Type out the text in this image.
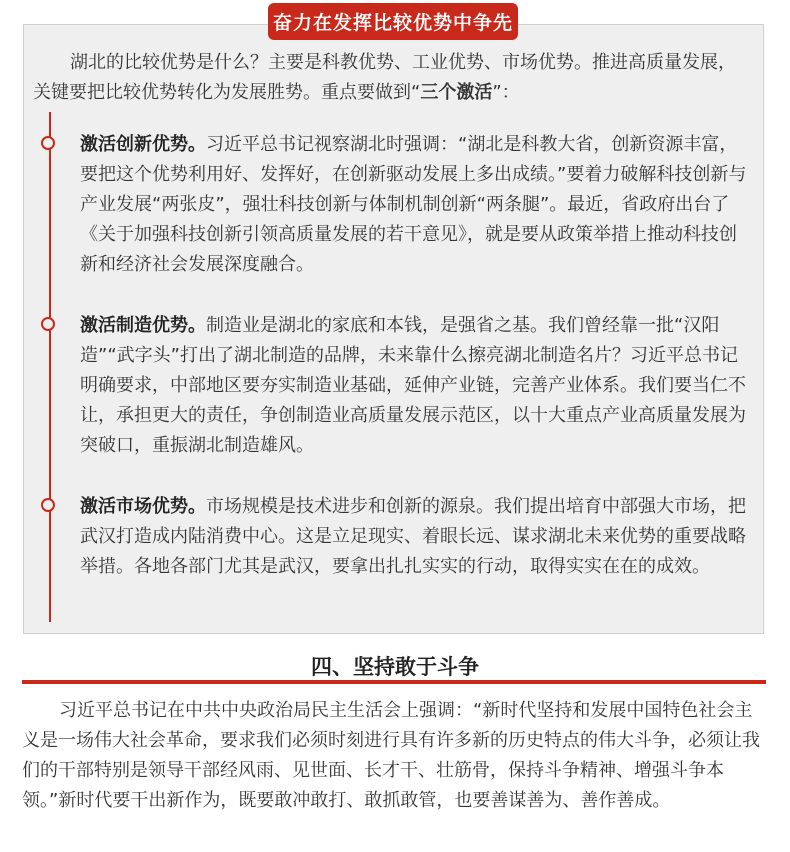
奋力在发挥比较优势中争先

湖北的比较优势是什么？主要是科教优势、工业优势、市场优势。推进高质量发展，关键要把比较优势转化为发展胜势。重点要做到“三个激活”：

激活创新优势。习近平总书记视察湖北时强调：“湖北是科教大省，创新资源丰富，要把这个优势利用好、发挥好，在创新驱动发展上多出成绩。”要着力破解科技创新与产业发展“两张皮”，强壮科技创新与体制机制创新“两条腿”。最近，省政府出台了《关于加强科技创新引领高质量发展的若干意见》，就是要从政策举措上推动科技创新和经济社会发展深度融合。

激活制造优势。制造业是湖北的家底和本钱，是强省之基。我们曾经靠一批“汉阳造”“武字头”打出了湖北制造的品牌，未来靠什么擦亮湖北制造名片？习近平总书记明确要求，中部地区要夯实制造业基础，延伸产业链，完善产业体系。我们要当仁不让，承担更大的责任，争创制造业高质量发展示范区，以十大重点产业高质量发展为突破口，重振湖北制造雄风。

激活市场优势。市场规模是技术进步和创新的源泉。我们提出培育中部强大市场，把武汉打造成内陆消费中心。这是立足现实、着眼长远、谋求湖北未来优势的重要战略举措。各地各部门尤其是武汉，要拿出扎扎实实的行动，取得实实在在的成效。

四、坚持敢于斗争

习近平总书记在中共中央政治局民主生活会上强调：“新时代坚持和发展中国特色社会主义是一场伟大社会革命，要求我们必须时刻进行具有许多新的历史特点的伟大斗争，必须让我们的干部特别是领导干部经风雨、见世面、长才干、壮筋骨，保持斗争精神、增强斗争本领。”新时代要干出新作为，既要敢冲敢打、敢抓敢管，也要善谋善为、善作善成。
